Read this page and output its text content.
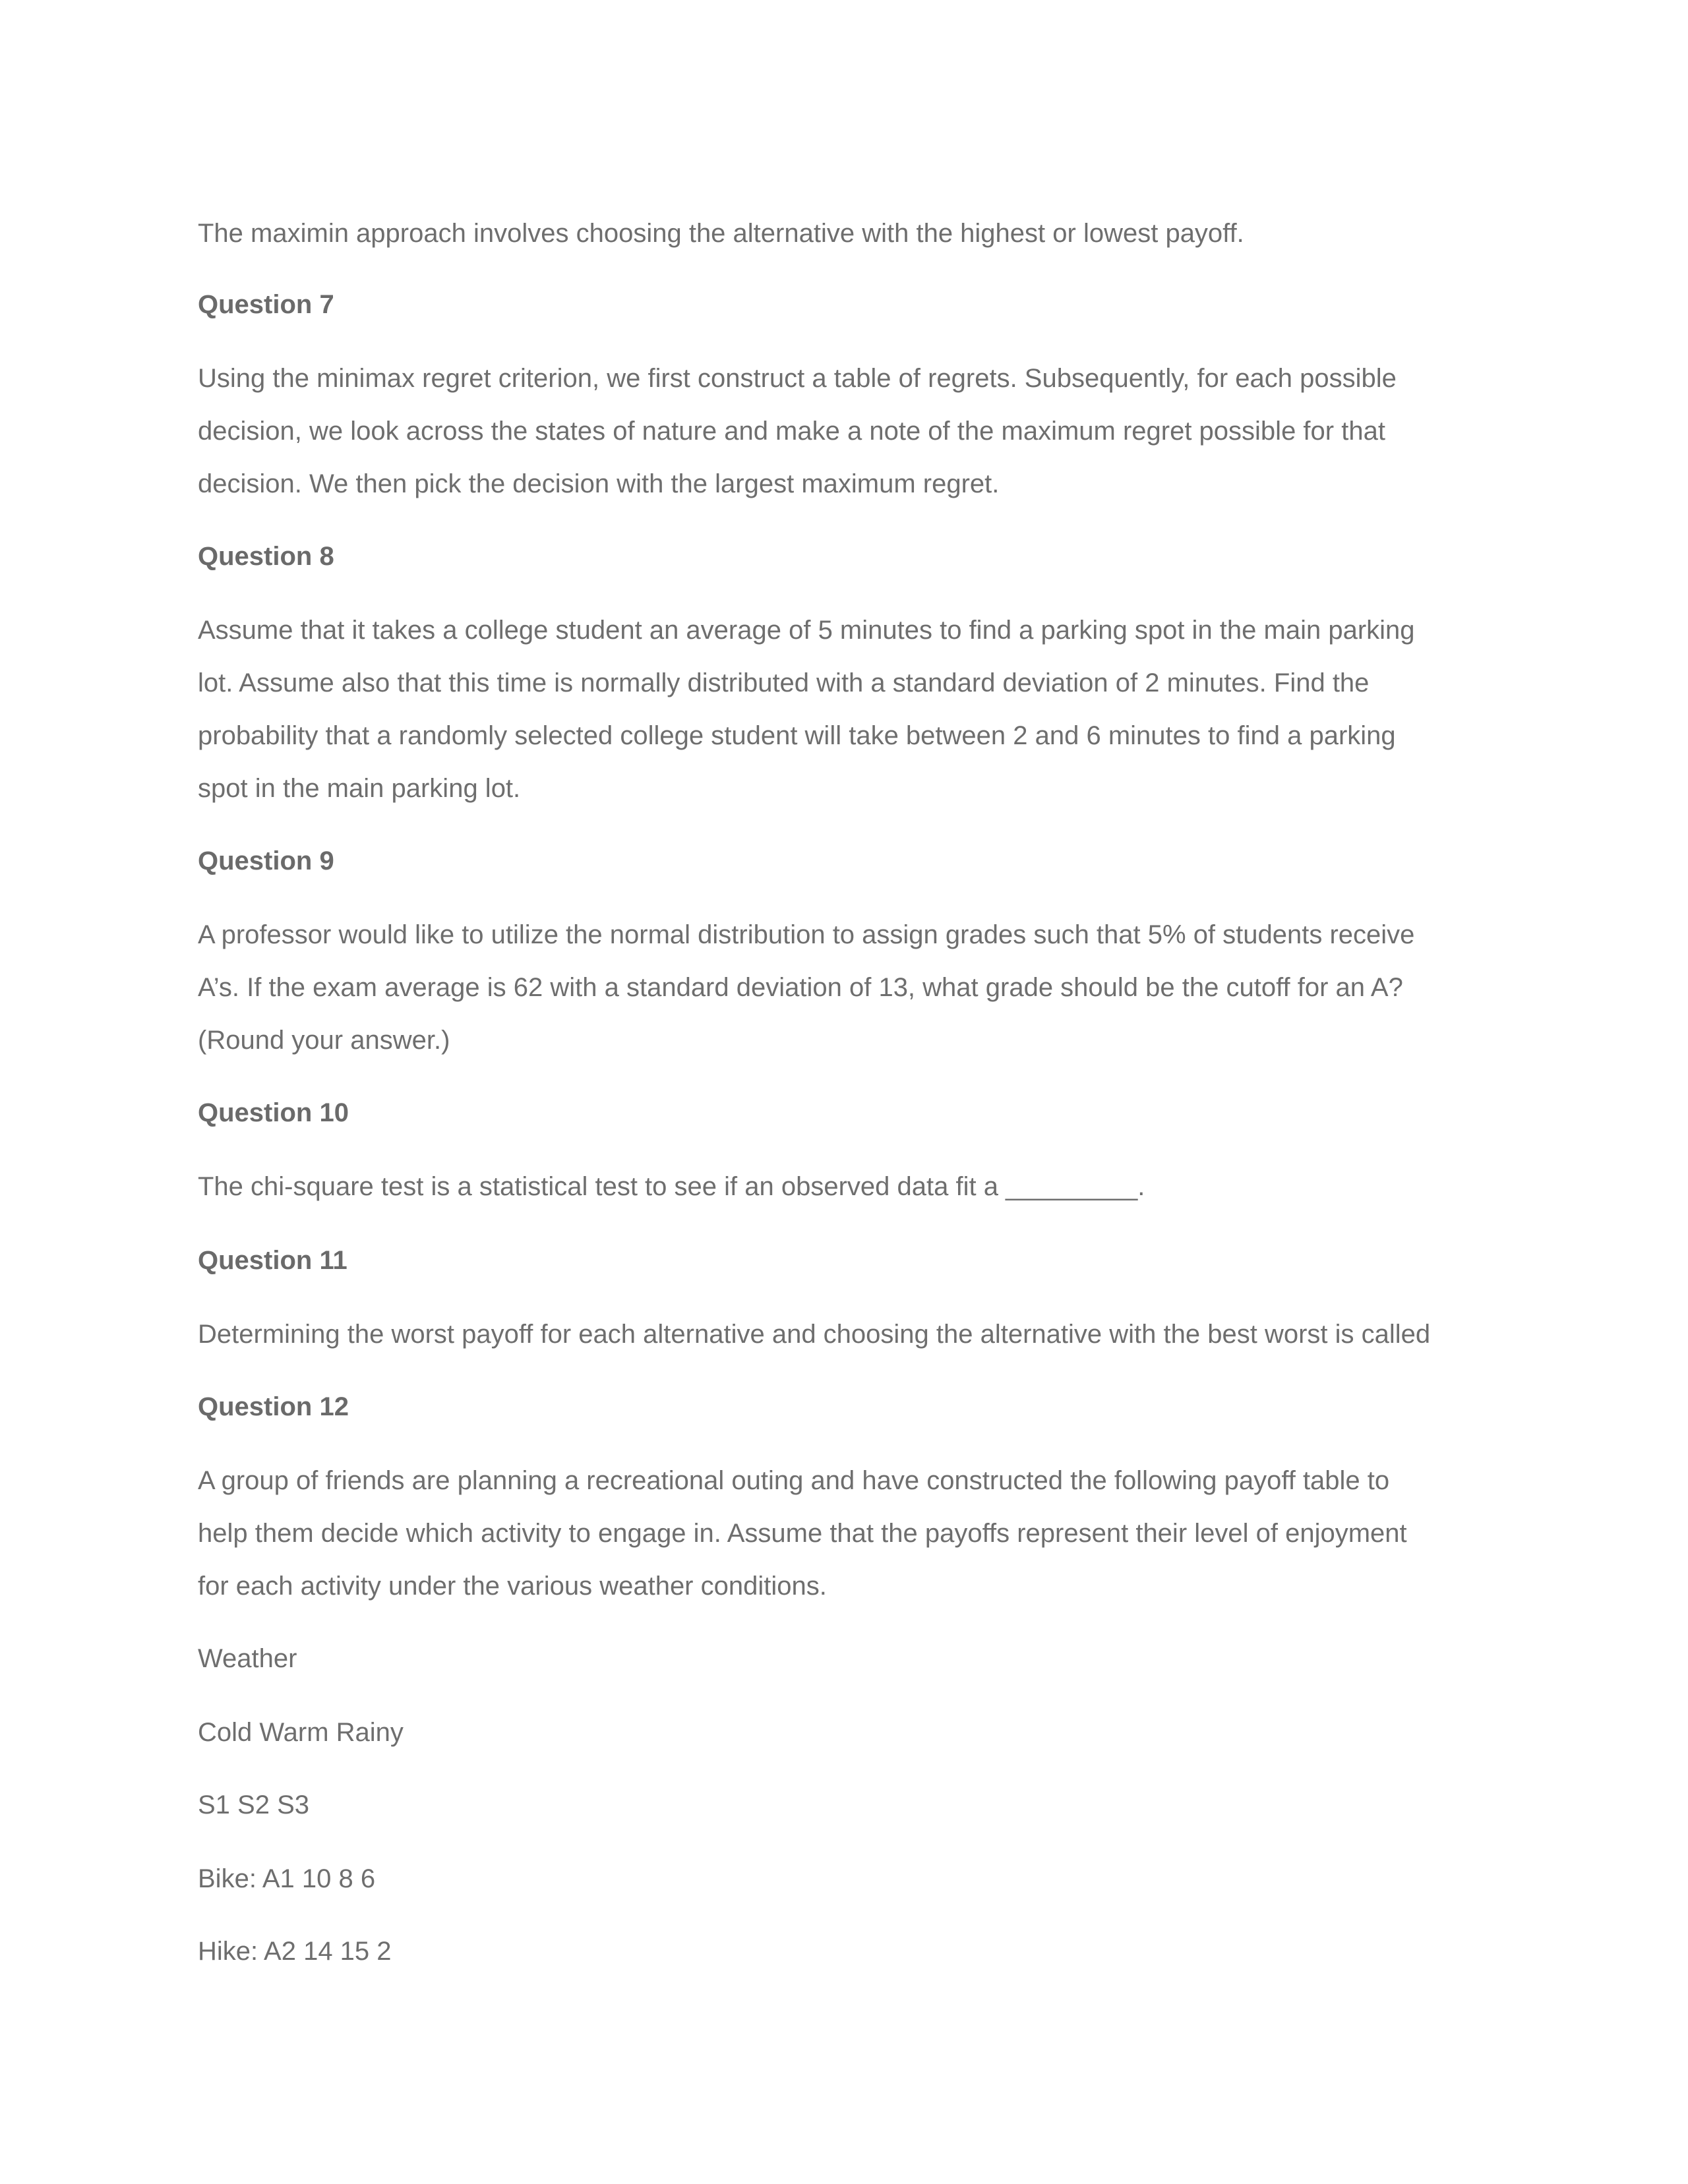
The maximin approach involves choosing the alternative with the highest or lowest payoff.

Question 7

Using the minimax regret criterion, we first construct a table of regrets. Subsequently, for each possible

decision, we look across the states of nature and make a note of the maximum regret possible for that

decision. We then pick the decision with the largest maximum regret.

Question 8

Assume that it takes a college student an average of 5 minutes to find a parking spot in the main parking

lot. Assume also that this time is normally distributed with a standard deviation of 2 minutes. Find the

probability that a randomly selected college student will take between 2 and 6 minutes to find a parking

spot in the main parking lot.

Question 9

A professor would like to utilize the normal distribution to assign grades such that 5% of students receive

A’s. If the exam average is 62 with a standard deviation of 13, what grade should be the cutoff for an A?

(Round your answer.)

Question 10

The chi-square test is a statistical test to see if an observed data fit a _________.

Question 11

Determining the worst payoff for each alternative and choosing the alternative with the best worst is called

Question 12

A group of friends are planning a recreational outing and have constructed the following payoff table to

help them decide which activity to engage in. Assume that the payoffs represent their level of enjoyment

for each activity under the various weather conditions.

Weather

Cold Warm Rainy

S1 S2 S3

Bike: A1 10 8 6

Hike: A2 14 15 2
